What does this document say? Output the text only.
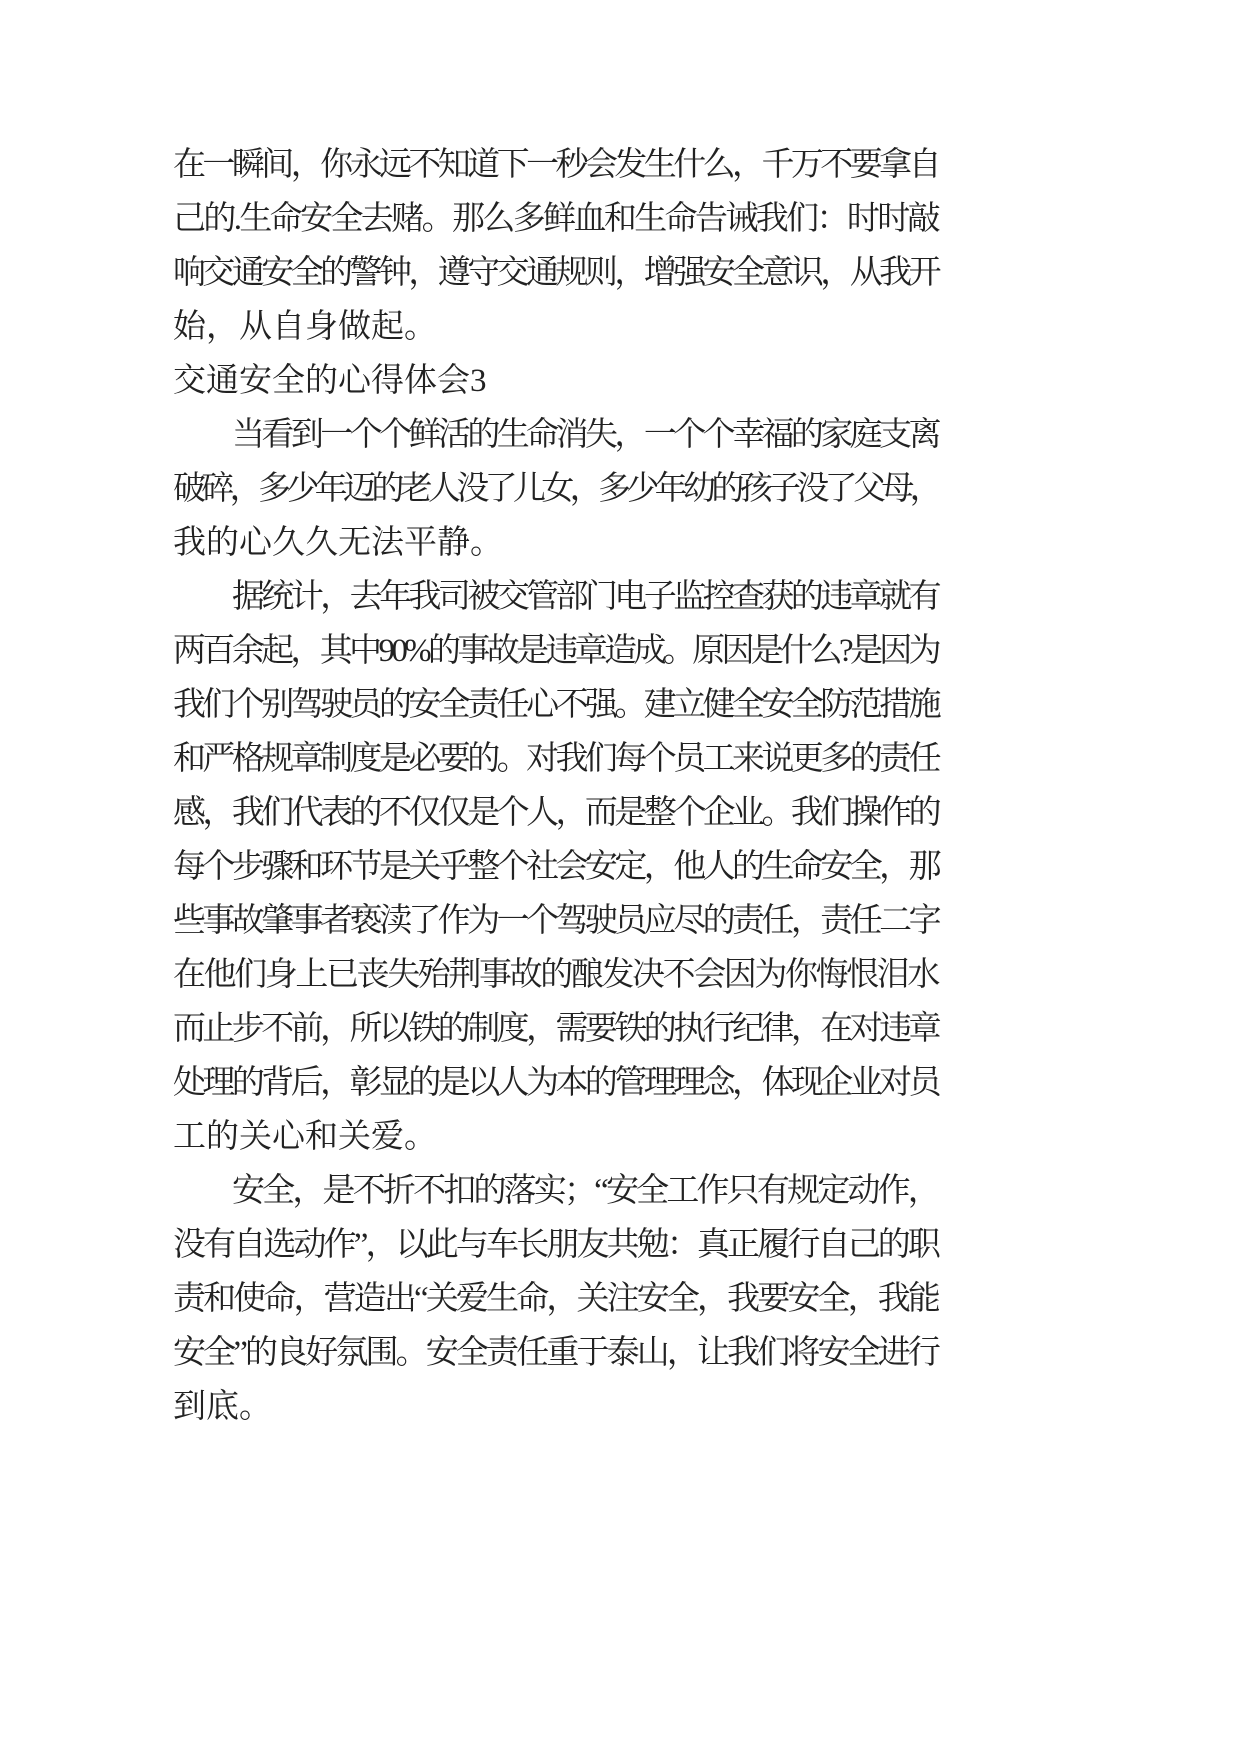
在一瞬间，你永远不知道下一秒会发生什么，千万不要拿自
己的.生命安全去赌。那么多鲜血和生命告诫我们：时时敲
响交通安全的警钟，遵守交通规则，增强安全意识，从我开
始，从自身做起。
交通安全的心得体会3
当看到一个个鲜活的生命消失，一个个幸福的家庭支离
破碎，多少年迈的老人没了儿女，多少年幼的孩子没了父母，
我的心久久无法平静。
据统计，去年我司被交管部门电子监控查获的违章就有
两百余起，其中90%的事故是违章造成。原因是什么?是因为
我们个别驾驶员的安全责任心不强。建立健全安全防范措施
和严格规章制度是必要的。对我们每个员工来说更多的责任
感，我们代表的不仅仅是个人，而是整个企业。我们操作的
每个步骤和环节是关乎整个社会安定，他人的生命安全，那
些事故肇事者亵渎了作为一个驾驶员应尽的责任，责任二字
在他们身上已丧失殆荆事故的酿发决不会因为你悔恨泪水
而止步不前，所以铁的制度，需要铁的执行纪律，在对违章
处理的背后，彰显的是以人为本的管理理念，体现企业对员
工的关心和关爱。
安全，是不折不扣的落实；“安全工作只有规定动作，
没有自选动作”，以此与车长朋友共勉：真正履行自己的职
责和使命，营造出“关爱生命，关注安全，我要安全，我能
安全”的良好氛围。安全责任重于泰山，让我们将安全进行
到底。
